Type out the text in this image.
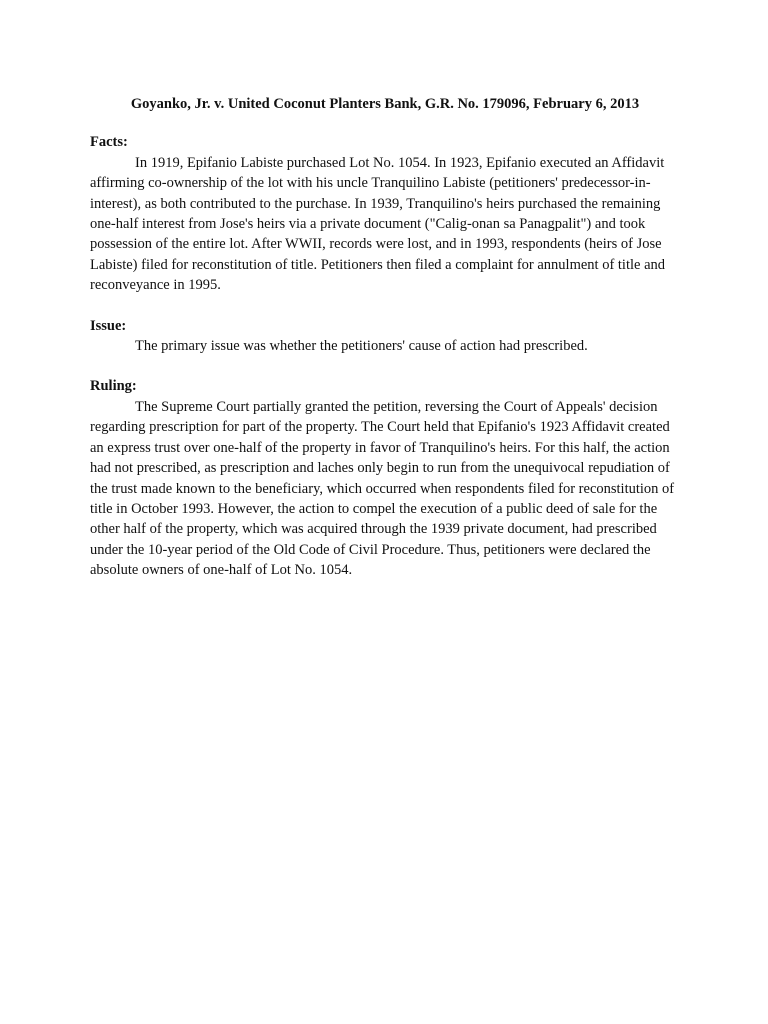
Goyanko, Jr. v. United Coconut Planters Bank, G.R. No. 179096, February 6, 2013

Facts:

In 1919, Epifanio Labiste purchased Lot No. 1054. In 1923, Epifanio executed an Affidavit affirming co-ownership of the lot with his uncle Tranquilino Labiste (petitioners' predecessor-in-interest), as both contributed to the purchase. In 1939, Tranquilino's heirs purchased the remaining one-half interest from Jose's heirs via a private document ("Calig-onan sa Panagpalit") and took possession of the entire lot. After WWII, records were lost, and in 1993, respondents (heirs of Jose Labiste) filed for reconstitution of title. Petitioners then filed a complaint for annulment of title and reconveyance in 1995.

Issue:

The primary issue was whether the petitioners' cause of action had prescribed.

Ruling:

The Supreme Court partially granted the petition, reversing the Court of Appeals' decision regarding prescription for part of the property. The Court held that Epifanio's 1923 Affidavit created an express trust over one-half of the property in favor of Tranquilino's heirs. For this half, the action had not prescribed, as prescription and laches only begin to run from the unequivocal repudiation of the trust made known to the beneficiary, which occurred when respondents filed for reconstitution of title in October 1993. However, the action to compel the execution of a public deed of sale for the other half of the property, which was acquired through the 1939 private document, had prescribed under the 10-year period of the Old Code of Civil Procedure. Thus, petitioners were declared the absolute owners of one-half of Lot No. 1054.
